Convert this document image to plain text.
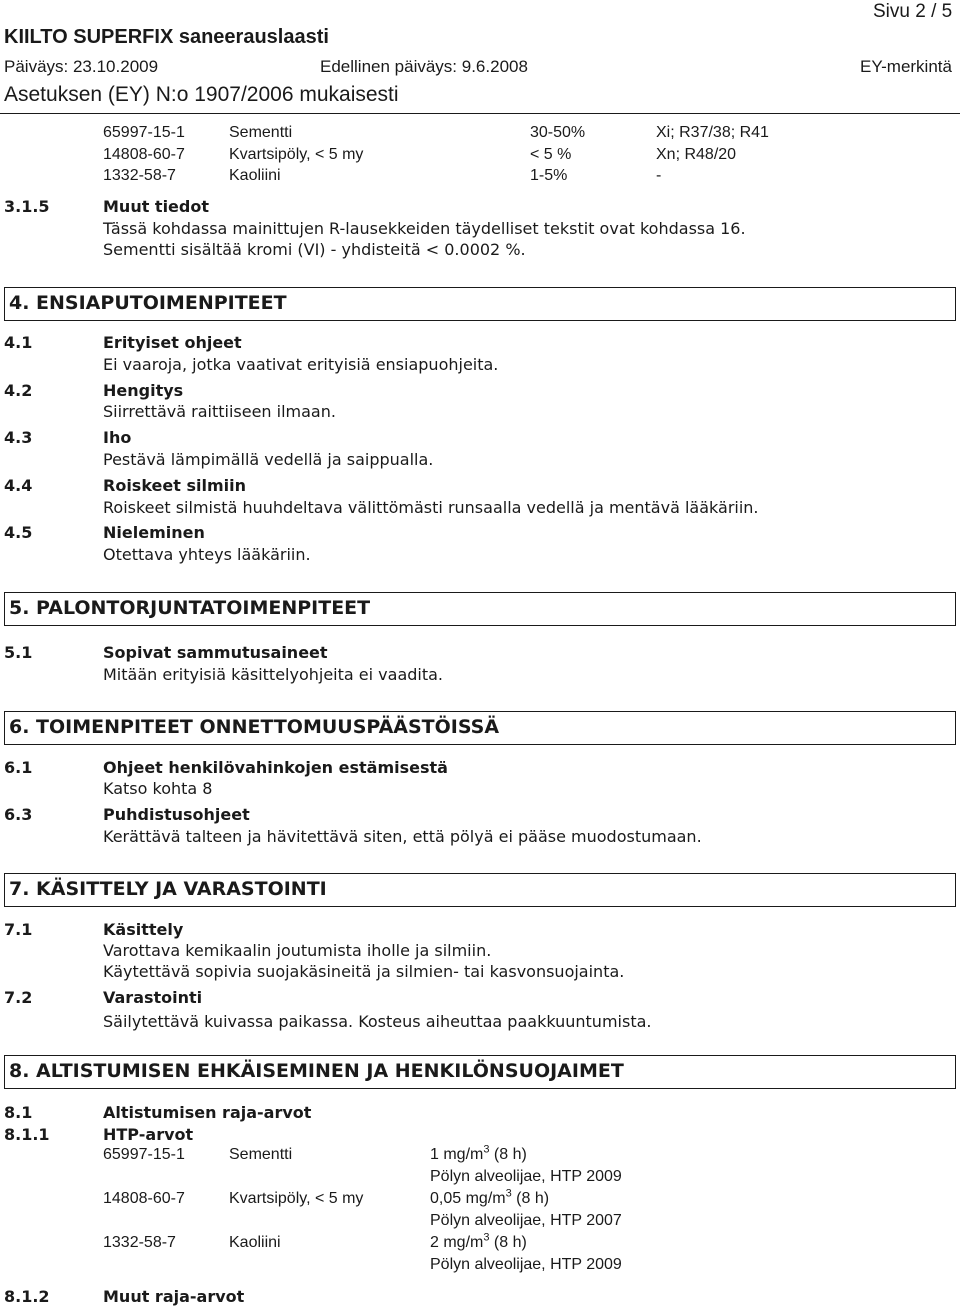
Sivu 2 / 5
KIILTO SUPERFIX saneerauslaasti
Päiväys: 23.10.2009	Edellinen päiväys: 9.6.2008	EY-merkintä
Asetuksen (EY) N:o 1907/2006 mukaisesti
65997-15-1	Sementti	30-50%	Xi; R37/38; R41
14808-60-7	Kvartsipöly, < 5 my	< 5 %	Xn; R48/20
1332-58-7	Kaoliini	1-5%	-
3.1.5	Muut tiedot
Tässä kohdassa mainittujen R-lausekkeiden täydelliset tekstit ovat kohdassa 16.
Sementti sisältää kromi (VI) - yhdisteitä < 0.0002 %.
4. ENSIAPUTOIMENPITEET
4.1	Erityiset ohjeet
Ei vaaroja, jotka vaativat erityisiä ensiapuohjeita.
4.2	Hengitys
Siirrettävä raittiiseen ilmaan.
4.3	Iho
Pestävä lämpimällä vedellä ja saippualla.
4.4	Roiskeet silmiin
Roiskeet silmistä huuhdeltava välittömästi runsaalla vedellä ja mentävä lääkäriin.
4.5	Nieleminen
Otettava yhteys lääkäriin.
5. PALONTORJUNTATOIMENPITEET
5.1	Sopivat sammutusaineet
Mitään erityisiä käsittelyohjeita ei vaadita.
6. TOIMENPITEET ONNETTOMUUSPÄÄSTÖISSÄ
6.1	Ohjeet henkilövahinkojen estämisestä
Katso kohta 8
6.3	Puhdistusohjeet
Kerättävä talteen ja hävitettävä siten, että pölyä ei pääse muodostumaan.
7. KÄSITTELY JA VARASTOINTI
7.1	Käsittely
Varottava kemikaalin joutumista iholle ja silmiin.
Käytettävä sopivia suojakäsineitä ja silmien- tai kasvonsuojainta.
7.2	Varastointi
Säilytettävä kuivassa paikassa. Kosteus aiheuttaa paakkuuntumista.
8. ALTISTUMISEN EHKÄISEMINEN JA HENKILÖNSUOJAIMET
8.1	Altistumisen raja-arvot
8.1.1	HTP-arvot
65997-15-1	Sementti	1 $mg/m^3$ (8 h)
Pölyn alveolijae, HTP 2009
14808-60-7	Kvartsipöly, < 5 my	0,05 $mg/m^3$ (8 h)
Pölyn alveolijae, HTP 2007
1332-58-7	Kaoliini	2 $mg/m^3$ (8 h)
Pölyn alveolijae, HTP 2009
8.1.2	Muut raja-arvot
